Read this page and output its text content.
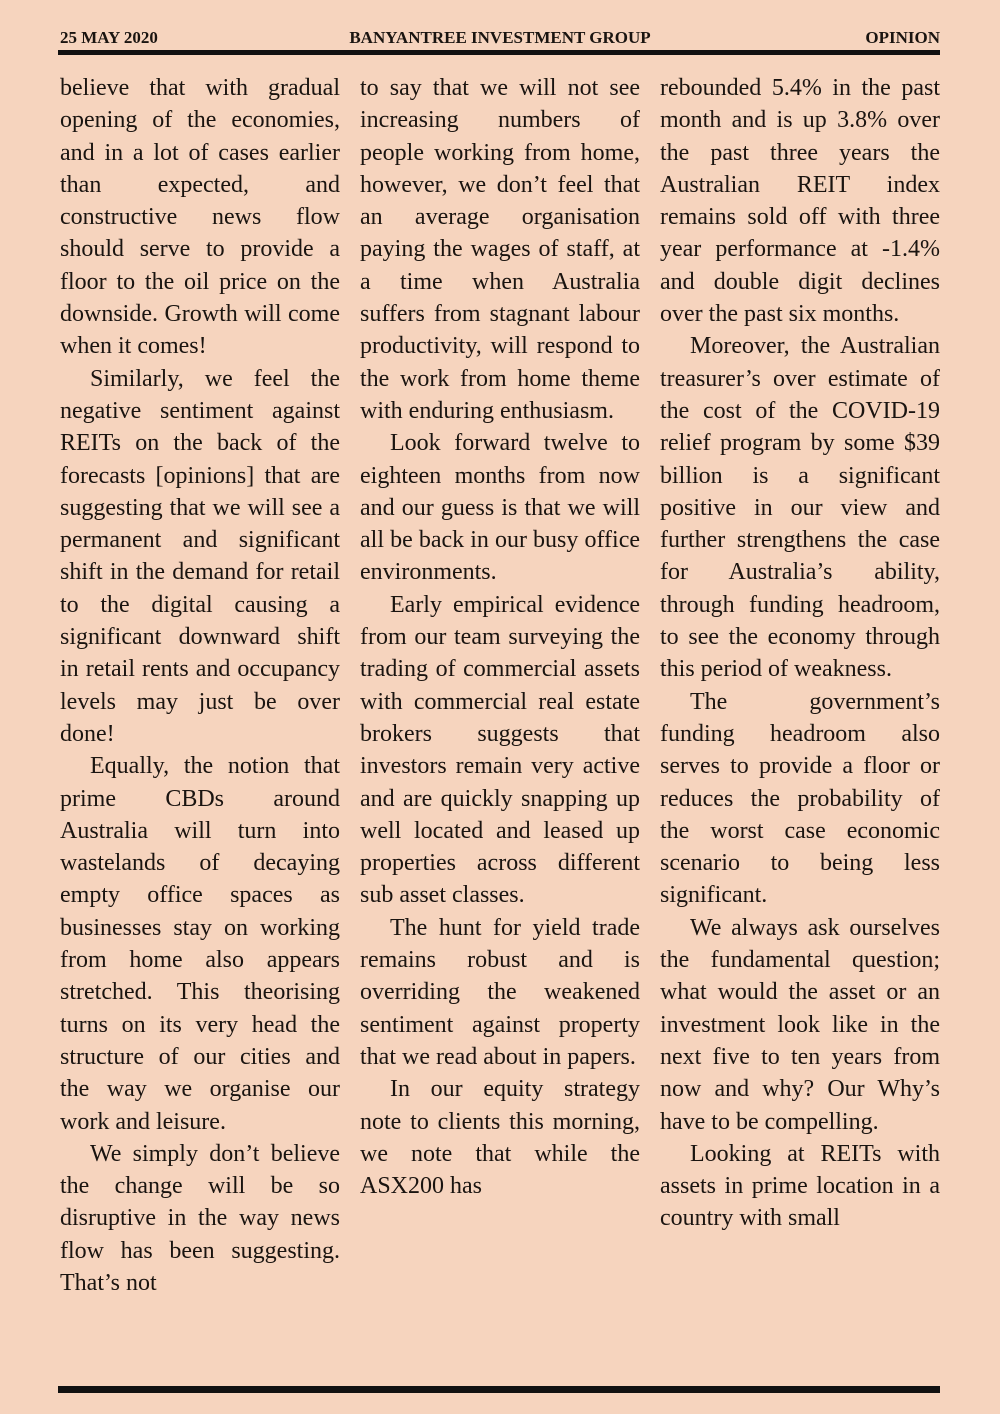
25 MAY 2020	BANYANTREE INVESTMENT GROUP	OPINION

believe that with gradual opening of the economies, and in a lot of cases earlier than expected, and constructive news flow should serve to provide a floor to the oil price on the downside. Growth will come when it comes!

Similarly, we feel the negative sentiment against REITs on the back of the forecasts [opinions] that are suggesting that we will see a permanent and significant shift in the demand for retail to the digital causing a significant downward shift in retail rents and occupancy levels may just be over done!

Equally, the notion that prime CBDs around Australia will turn into wastelands of decaying empty office spaces as businesses stay on working from home also appears stretched. This theorising turns on its very head the structure of our cities and the way we organise our work and leisure.

We simply don’t believe the change will be so disruptive in the way news flow has been suggesting. That’s not

to say that we will not see increasing numbers of people working from home, however, we don’t feel that an average organisation paying the wages of staff, at a time when Australia suffers from stagnant labour productivity, will respond to the work from home theme with enduring enthusiasm.

Look forward twelve to eighteen months from now and our guess is that we will all be back in our busy office environments.

Early empirical evidence from our team surveying the trading of commercial assets with commercial real estate brokers suggests that investors remain very active and are quickly snapping up well located and leased up properties across different sub asset classes.

The hunt for yield trade remains robust and is overriding the weakened sentiment against property that we read about in papers.

In our equity strategy note to clients this morning, we note that while the ASX200 has

rebounded 5.4% in the past month and is up 3.8% over the past three years the Australian REIT index remains sold off with three year performance at -1.4% and double digit declines over the past six months.

Moreover, the Australian treasurer’s over estimate of the cost of the COVID-19 relief program by some $39 billion is a significant positive in our view and further strengthens the case for Australia’s ability, through funding headroom, to see the economy through this period of weakness.

The government’s funding headroom also serves to provide a floor or reduces the probability of the worst case economic scenario to being less significant.

We always ask ourselves the fundamental question; what would the asset or an investment look like in the next five to ten years from now and why? Our Why’s have to be compelling.

Looking at REITs with assets in prime location in a country with small
